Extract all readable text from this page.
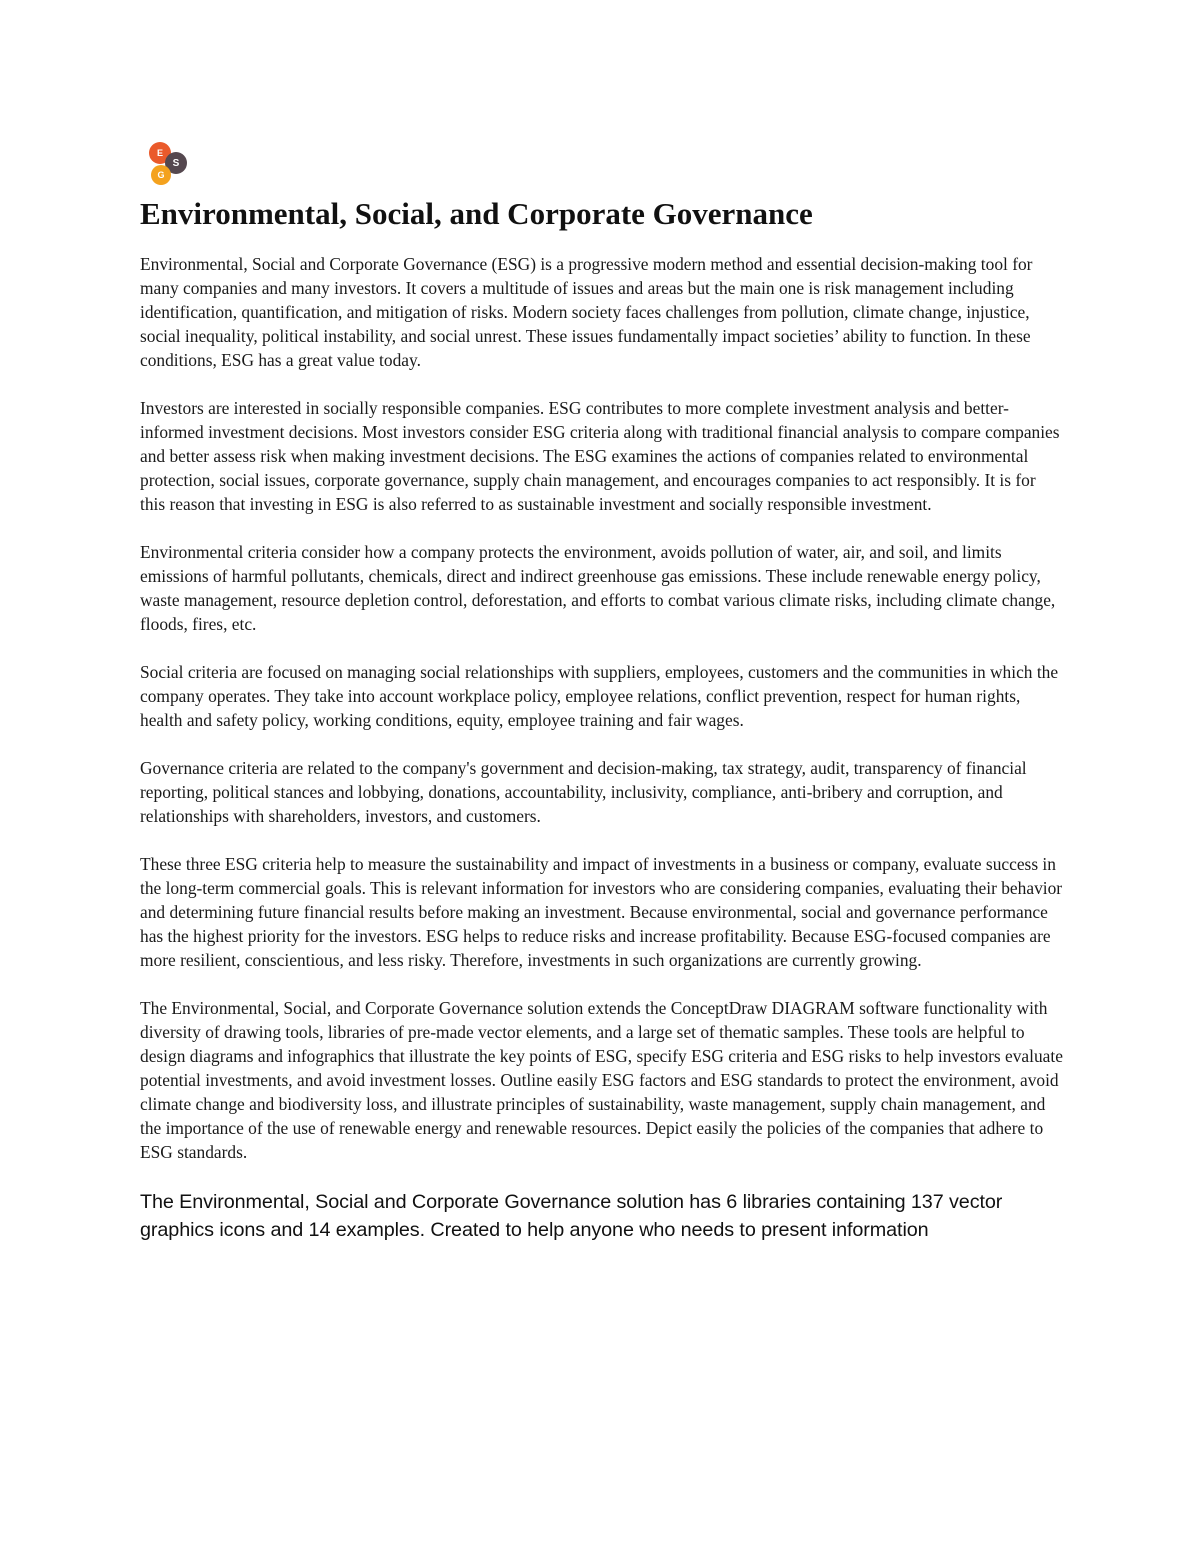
E
S
G
Environmental, Social, and Corporate Governance

Environmental, Social and Corporate Governance (ESG) is a progressive modern method and essential decision-making tool for many companies and many investors. It covers a multitude of issues and areas but the main one is risk management including identification, quantification, and mitigation of risks. Modern society faces challenges from pollution, climate change, injustice, social inequality, political instability, and social unrest. These issues fundamentally impact societies’ ability to function. In these conditions, ESG has a great value today.

Investors are interested in socially responsible companies. ESG contributes to more complete investment analysis and better-informed investment decisions. Most investors consider ESG criteria along with traditional financial analysis to compare companies and better assess risk when making investment decisions. The ESG examines the actions of companies related to environmental protection, social issues, corporate governance, supply chain management, and encourages companies to act responsibly. It is for this reason that investing in ESG is also referred to as sustainable investment and socially responsible investment.

Environmental criteria consider how a company protects the environment, avoids pollution of water, air, and soil, and limits emissions of harmful pollutants, chemicals, direct and indirect greenhouse gas emissions. These include renewable energy policy, waste management, resource depletion control, deforestation, and efforts to combat various climate risks, including climate change, floods, fires, etc.

Social criteria are focused on managing social relationships with suppliers, employees, customers and the communities in which the company operates. They take into account workplace policy, employee relations, conflict prevention, respect for human rights, health and safety policy, working conditions, equity, employee training and fair wages.

Governance criteria are related to the company's government and decision-making, tax strategy, audit, transparency of financial reporting, political stances and lobbying, donations, accountability, inclusivity, compliance, anti-bribery and corruption, and relationships with shareholders, investors, and customers.

These three ESG criteria help to measure the sustainability and impact of investments in a business or company, evaluate success in the long-term commercial goals. This is relevant information for investors who are considering companies, evaluating their behavior and determining future financial results before making an investment. Because environmental, social and governance performance has the highest priority for the investors. ESG helps to reduce risks and increase profitability. Because ESG-focused companies are more resilient, conscientious, and less risky. Therefore, investments in such organizations are currently growing.

The Environmental, Social, and Corporate Governance solution extends the ConceptDraw DIAGRAM software functionality with diversity of drawing tools, libraries of pre-made vector elements, and a large set of thematic samples. These tools are helpful to design diagrams and infographics that illustrate the key points of ESG, specify ESG criteria and ESG risks to help investors evaluate potential investments, and avoid investment losses. Outline easily ESG factors and ESG standards to protect the environment, avoid climate change and biodiversity loss, and illustrate principles of sustainability, waste management, supply chain management, and the importance of the use of renewable energy and renewable resources. Depict easily the policies of the companies that adhere to ESG standards.

The Environmental, Social and Corporate Governance solution has 6 libraries containing 137 vector graphics icons and 14 examples. Created to help anyone who needs to present information
